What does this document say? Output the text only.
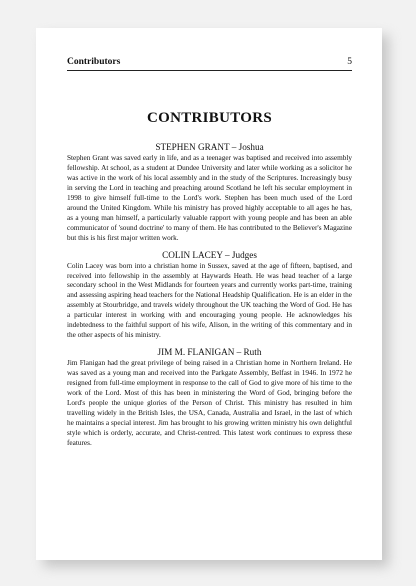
Contributors	5
CONTRIBUTORS
STEPHEN GRANT – Joshua

Stephen Grant was saved early in life, and as a teenager was baptised and received into assembly fellowship. At school, as a student at Dundee University and later while working as a solicitor he was active in the work of his local assembly and in the study of the Scriptures. Increasingly busy in serving the Lord in teaching and preaching around Scotland he left his secular employment in 1998 to give himself full-time to the Lord's work. Stephen has been much used of the Lord around the United Kingdom. While his ministry has proved highly acceptable to all ages he has, as a young man himself, a particularly valuable rapport with young people and has been an able communicator of 'sound doctrine' to many of them. He has contributed to the Believer's Magazine but this is his first major written work.

COLIN LACEY – Judges

Colin Lacey was born into a christian home in Sussex, saved at the age of fifteen, baptised, and received into fellowship in the assembly at Haywards Heath. He was head teacher of a large secondary school in the West Midlands for fourteen years and currently works part-time, training and assessing aspiring head teachers for the National Headship Qualification. He is an elder in the assembly at Stourbridge, and travels widely throughout the UK teaching the Word of God. He has a particular interest in working with and encouraging young people. He acknowledges his indebtedness to the faithful support of his wife, Alison, in the writing of this commentary and in the other aspects of his ministry.

JIM M. FLANIGAN – Ruth

Jim Flanigan had the great privilege of being raised in a Christian home in Northern Ireland. He was saved as a young man and received into the Parkgate Assembly, Belfast in 1946. In 1972 he resigned from full-time employment in response to the call of God to give more of his time to the work of the Lord. Most of this has been in ministering the Word of God, bringing before the Lord's people the unique glories of the Person of Christ. This ministry has resulted in him travelling widely in the British Isles, the USA, Canada, Australia and Israel, in the last of which he maintains a special interest. Jim has brought to his growing written ministry his own delightful style which is orderly, accurate, and Christ-centred. This latest work continues to express these features.
